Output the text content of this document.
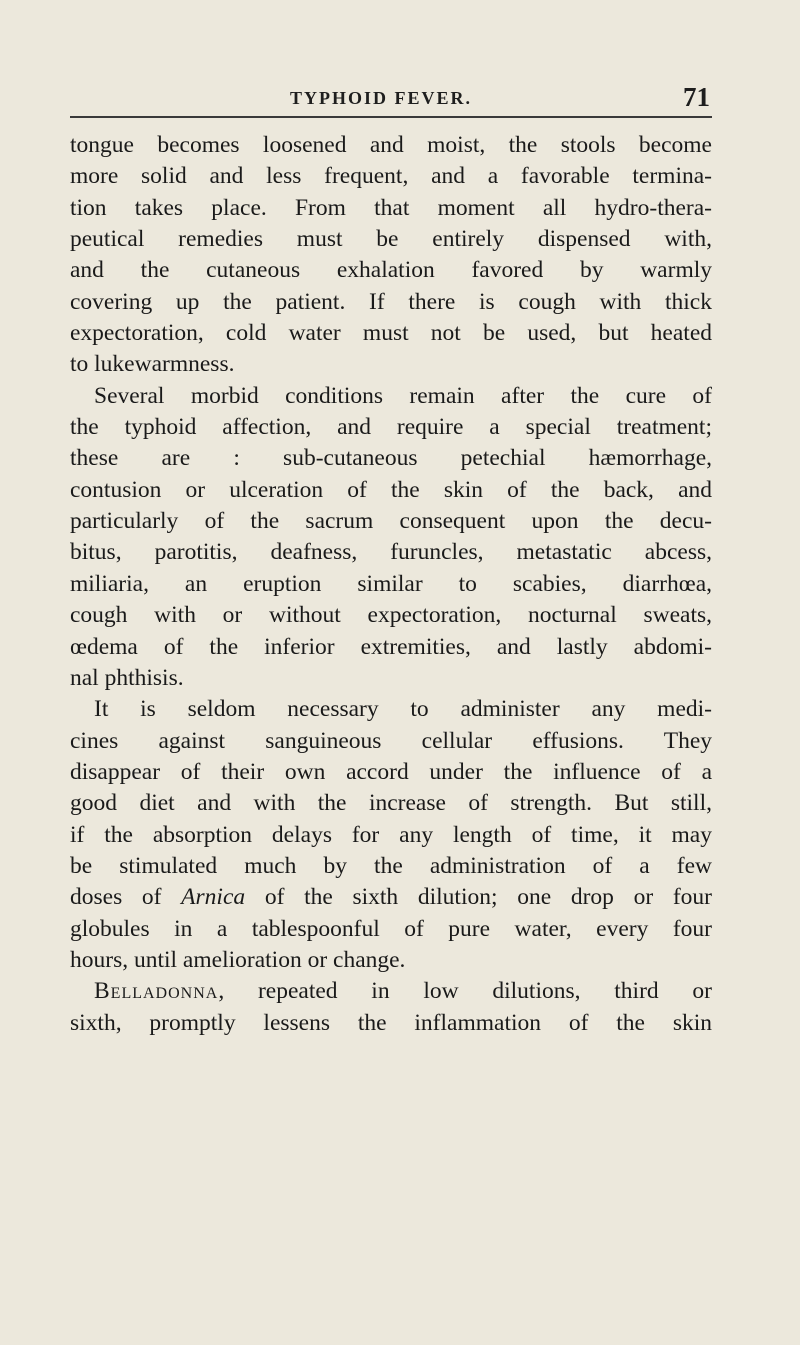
TYPHOID FEVER.	71
tongue becomes loosened and moist, the stools become
more solid and less frequent, and a favorable termina-
tion takes place. From that moment all hydro-thera-
peutical remedies must be entirely dispensed with,
and the cutaneous exhalation favored by warmly
covering up the patient. If there is cough with thick
expectoration, cold water must not be used, but heated
to lukewarmness.
Several morbid conditions remain after the cure of
the typhoid affection, and require a special treatment;
these are : sub-cutaneous petechial hæmorrhage,
contusion or ulceration of the skin of the back, and
particularly of the sacrum consequent upon the decu-
bitus, parotitis, deafness, furuncles, metastatic abcess,
miliaria, an eruption similar to scabies, diarrhœa,
cough with or without expectoration, nocturnal sweats,
œdema of the inferior extremities, and lastly abdomi-
nal phthisis.
It is seldom necessary to administer any medi-
cines against sanguineous cellular effusions. They
disappear of their own accord under the influence of a
good diet and with the increase of strength. But still,
if the absorption delays for any length of time, it may
be stimulated much by the administration of a few
doses of Arnica of the sixth dilution; one drop or four
globules in a tablespoonful of pure water, every four
hours, until amelioration or change.
Belladonna, repeated in low dilutions, third or
sixth, promptly lessens the inflammation of the skin
